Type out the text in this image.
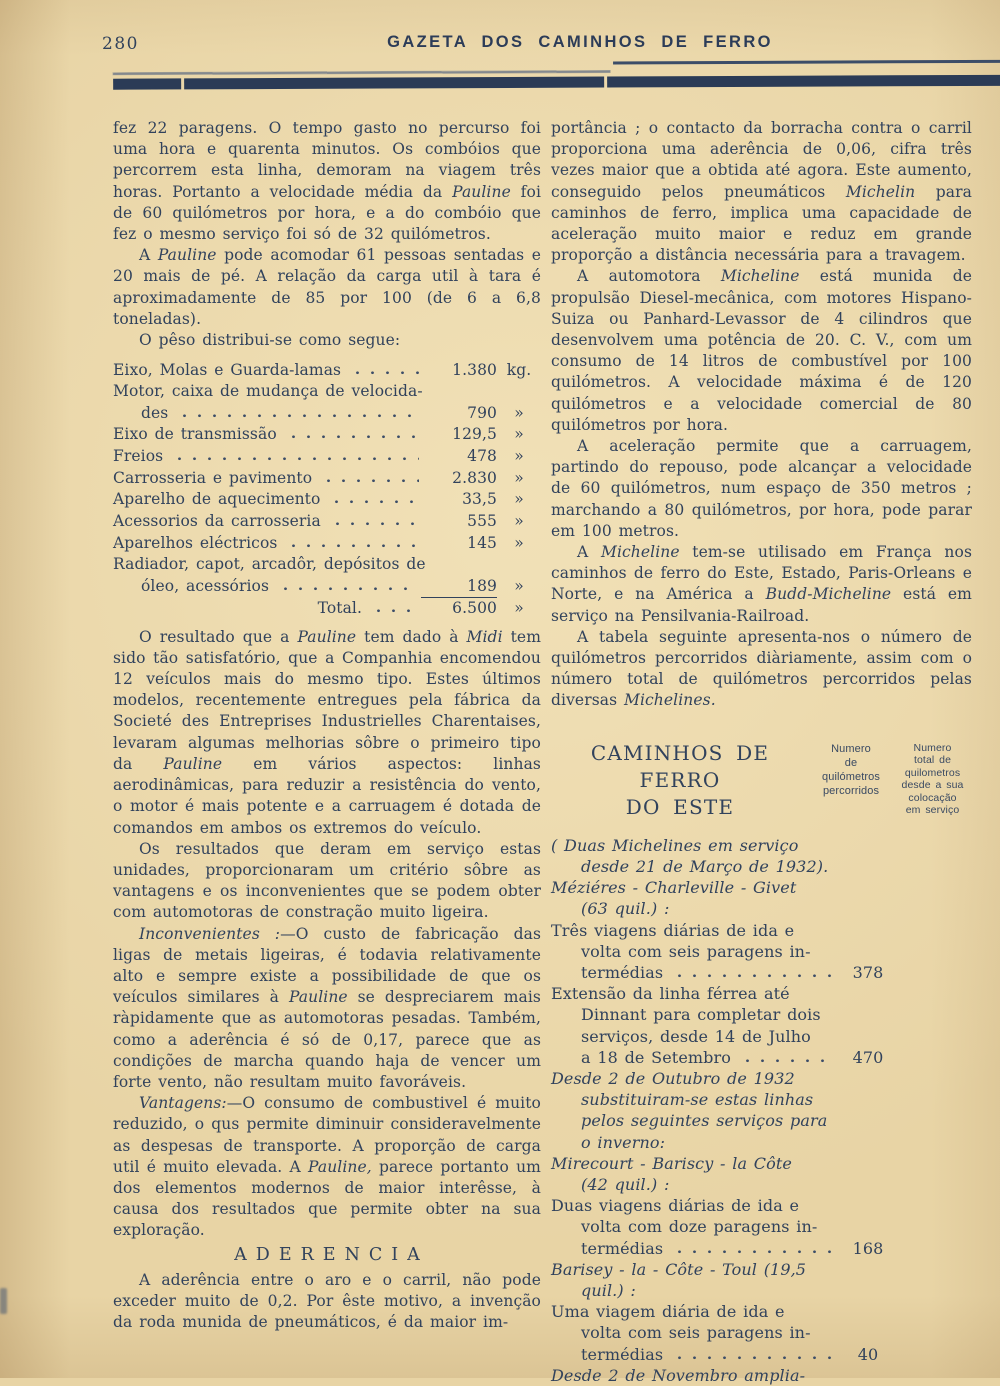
280	GAZETA DOS CAMINHOS DE FERRO

fez 22 paragens. O tempo gasto no percurso foi uma hora e quarenta minutos. Os combóios que percorrem esta linha, demoram na viagem três horas. Portanto a velocidade média da Pauline foi de 60 quilómetros por hora, e a do combóio que fez o mesmo serviço foi só de 32 quilómetros.

A Pauline pode acomodar 61 pessoas sentadas e 20 mais de pé. A relação da carga util à tara é aproximadamente de 85 por 100 (de 6 a 6,8 toneladas).

O pêso distribui-se como segue:

Eixo, Molas e Guarda-lamas	1.380 kg.
Motor, caixa de mudança de velocida-
des	790	»
Eixo de transmissão	129,5	»
Freios	478	»
Carrosseria e pavimento	2.830	»
Aparelho de aquecimento	33,5	»
Acessorios da carrosseria	555	»
Aparelhos eléctricos	145	»
Radiador, capot, arcadôr, depósitos de
óleo, acessórios	189	»
Total.	6.500	»

O resultado que a Pauline tem dado à Midi tem sido tão satisfatório, que a Companhia encomendou 12 veículos mais do mesmo tipo. Estes últimos modelos, recentemente entregues pela fábrica da Societé des Entreprises Industrielles Charentaises, levaram algumas melhorias sôbre o primeiro tipo da Pauline em vários aspectos: linhas aerodinâmicas, para reduzir a resistência do vento, o motor é mais potente e a carruagem é dotada de comandos em ambos os extremos do veículo.

Os resultados que deram em serviço estas unidades, proporcionaram um critério sôbre as vantagens e os inconvenientes que se podem obter com automotoras de constração muito ligeira.

Inconvenientes :—O custo de fabricação das ligas de metais ligeiras, é todavia relativamente alto e sempre existe a possibilidade de que os veículos similares à Pauline se despreciarem mais ràpidamente que as automotoras pesadas. Também, como a aderência é só de 0,17, parece que as condições de marcha quando haja de vencer um forte vento, não resultam muito favoráveis.

Vantagens:—O consumo de combustivel é muito reduzido, o qus permite diminuir consideravelmente as despesas de transporte. A proporção de carga util é muito elevada. A Pauline, parece portanto um dos elementos modernos de maior interêsse, à causa dos resultados que permite obter na sua exploração.

ADERENCIA

A aderência entre o aro e o carril, não pode exceder muito de 0,2. Por êste motivo, a invenção da roda munida de pneumáticos, é da maior im-

portância ; o contacto da borracha contra o carril proporciona uma aderência de 0,06, cifra três vezes maior que a obtida até agora. Este aumento, conseguido pelos pneumáticos Michelin para caminhos de ferro, implica uma capacidade de aceleração muito maior e reduz em grande proporção a distância necessária para a travagem.

A automotora Micheline está munida de propulsão Diesel-mecânica, com motores Hispano-Suiza ou Panhard-Levassor de 4 cilindros que desenvolvem uma potência de 20. C. V., com um consumo de 14 litros de combustível por 100 quilómetros. A velocidade máxima é de 120 quilómetros e a velocidade comercial de 80 quilómetros por hora.

A aceleração permite que a carruagem, partindo do repouso, pode alcançar a velocidade de 60 quilómetros, num espaço de 350 metros ; marchando a 80 quilómetros, por hora, pode parar em 100 metros.

A Micheline tem-se utilisado em França nos caminhos de ferro do Este, Estado, Paris-Orleans e Norte, e na América a Budd-Micheline está em serviço na Pensilvania-Railroad.

A tabela seguinte apresenta-nos o número de quilómetros percorridos diàriamente, assim com o número total de quilómetros percorridos pelas diversas Michelines.

CAMINHOS DE FERRO
DO ESTE
Numero
de
quilómetros
percorridos
Numero
total de
quilometros
desde a sua
colocação
em serviço
( Duas Michelines em serviço
desde 21 de Março de 1932).
Méziéres - Charleville - Givet
(63 quil.) :
Três viagens diárias de ida e
volta com seis paragens in-
termédias	378
Extensão da linha férrea até
Dinnant para completar dois
serviços, desde 14 de Julho
a 18 de Setembro	470
Desde 2 de Outubro de 1932
substituiram-se estas linhas
pelos seguintes serviços para
o inverno:
Mirecourt - Bariscy - la Côte
(42 quil.) :
Duas viagens diárias de ida e
volta com doze paragens in-
termédias	168
Barisey - la - Côte - Toul (19,5
quil.) :
Uma viagem diária de ida e
volta com seis paragens in-
termédias	40
Desde 2 de Novembro amplia-
